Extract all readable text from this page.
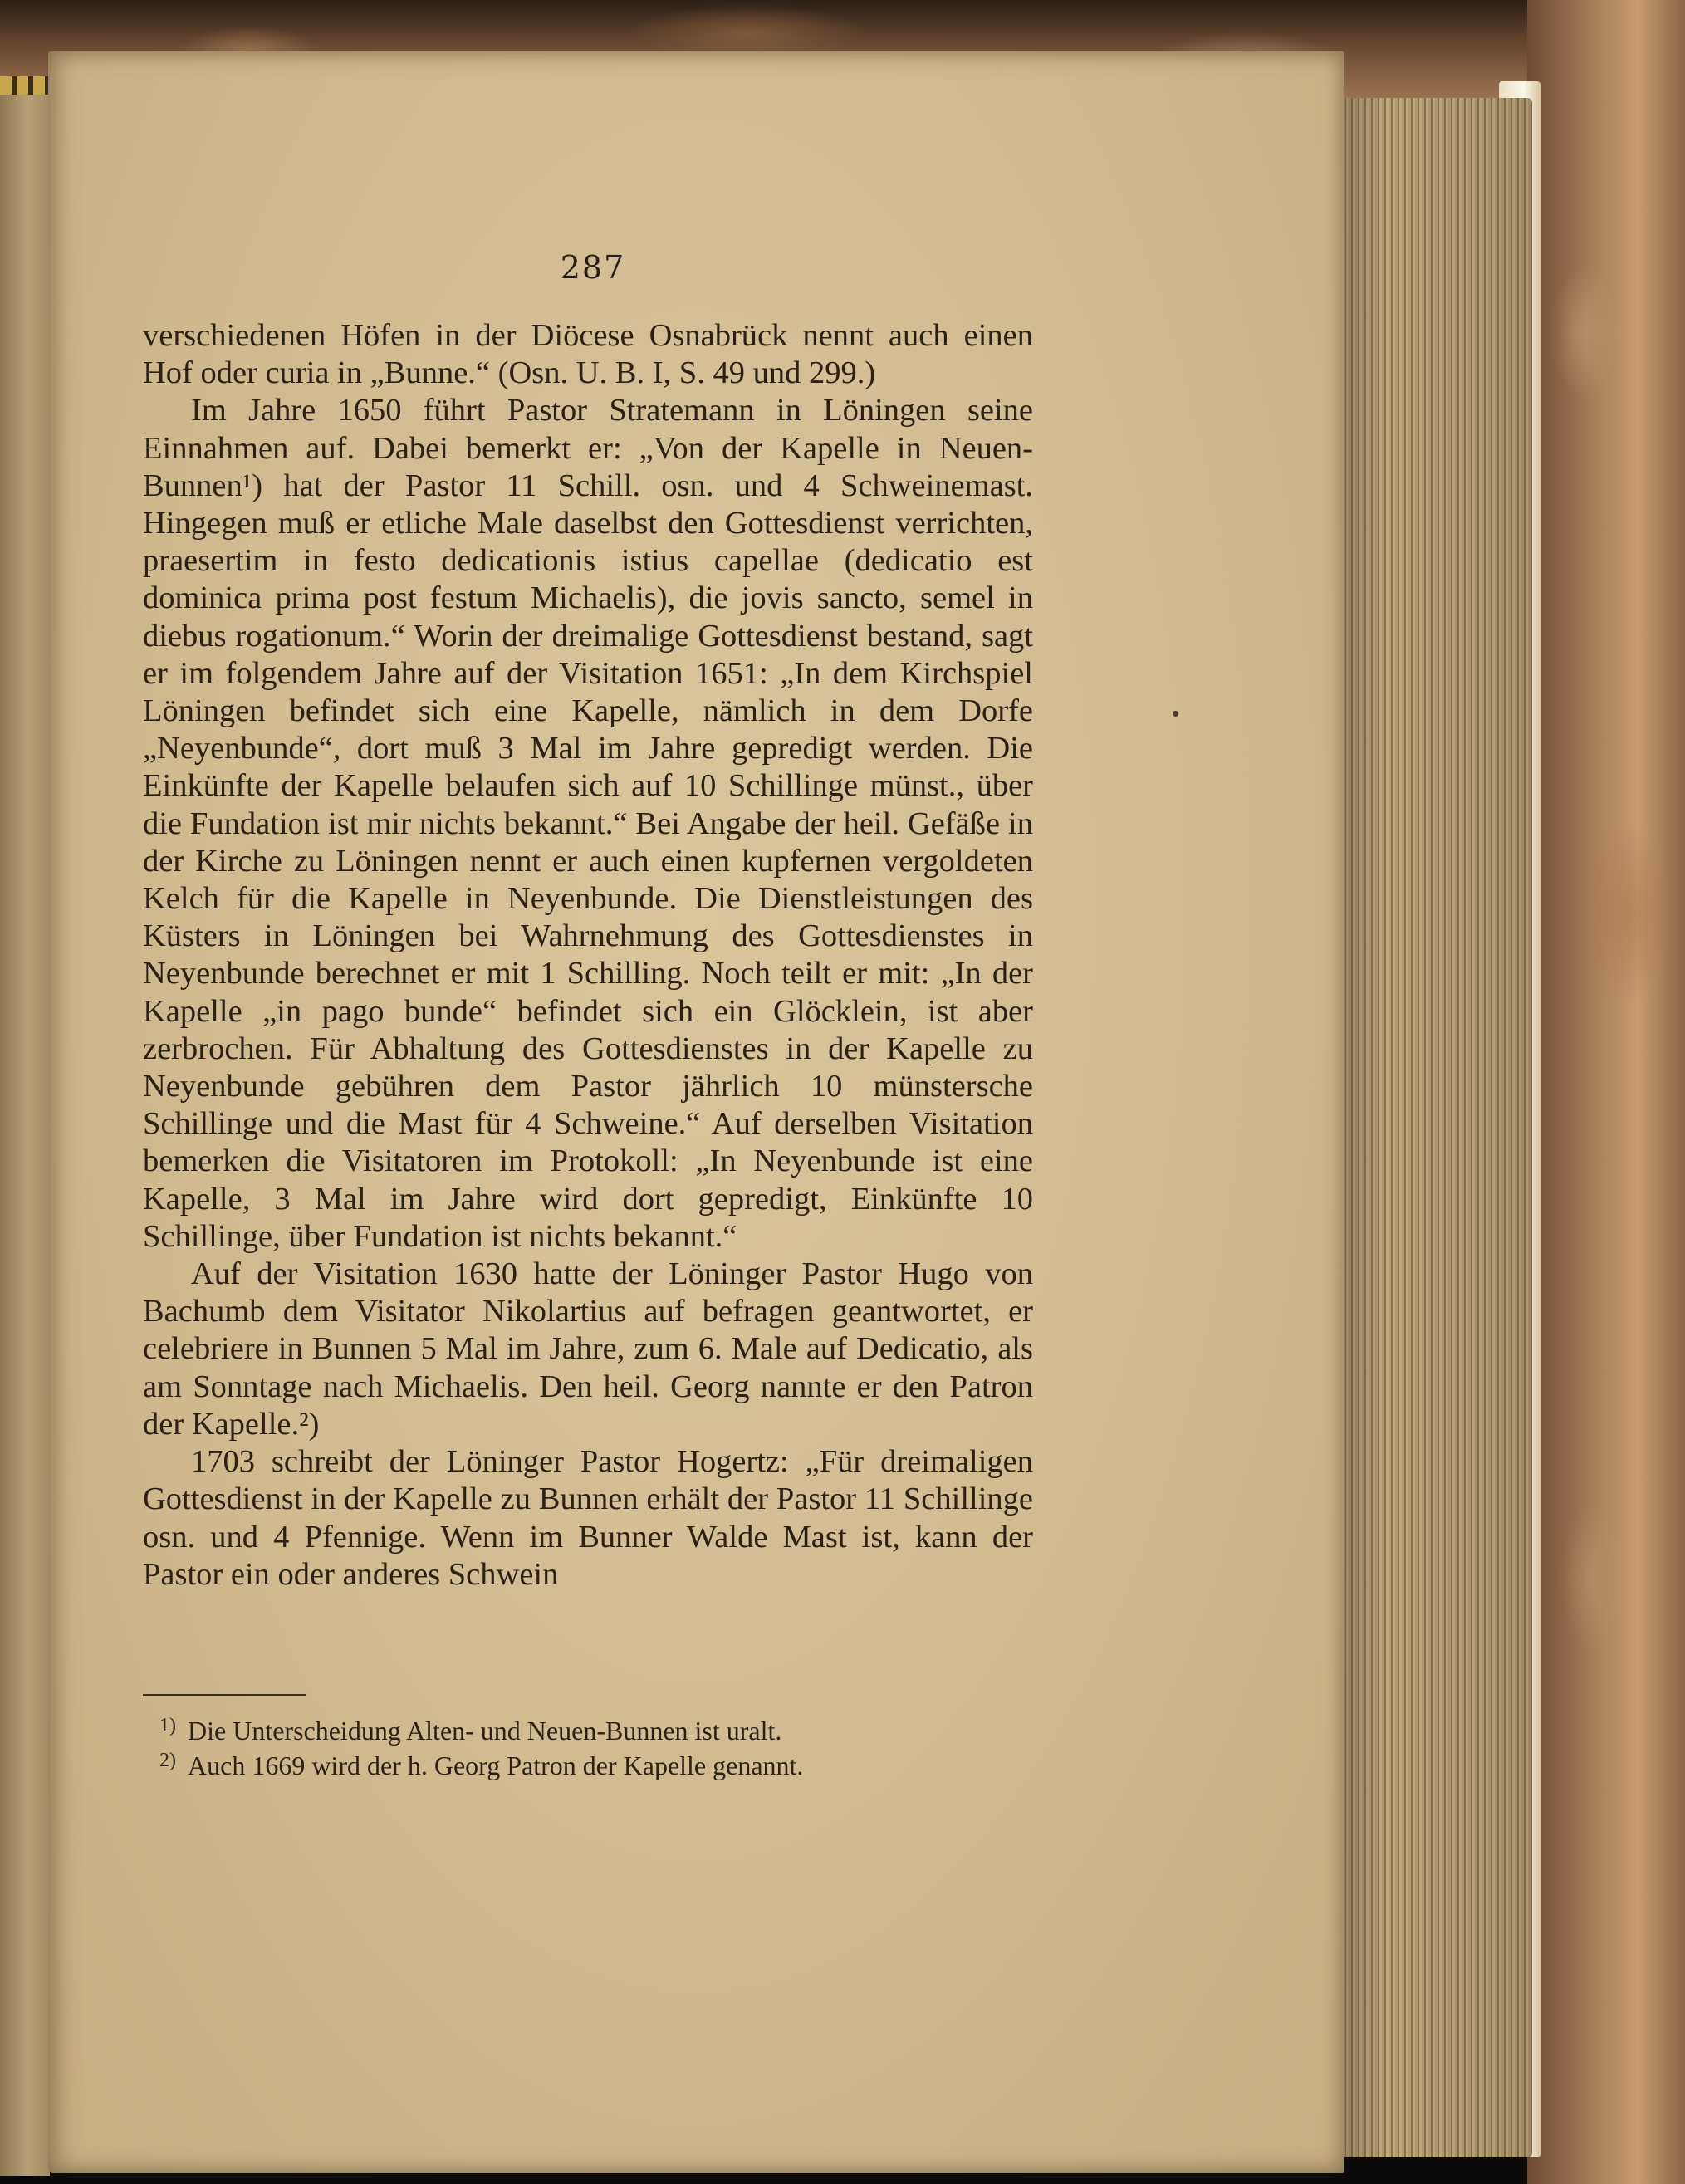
287

verschiedenen Höfen in der Diöcese Osnabrück nennt auch einen Hof oder curia in „Bunne.“ (Osn. U. B. I, S. 49 und 299.)

Im Jahre 1650 führt Pastor Stratemann in Löningen seine Einnahmen auf. Dabei bemerkt er: „Von der Kapelle in Neuen-Bunnen¹) hat der Pastor 11 Schill. osn. und 4 Schweinemast. Hingegen muß er etliche Male daselbst den Gottesdienst verrichten, praesertim in festo dedicationis istius capellae (dedicatio est dominica prima post festum Michaelis), die jovis sancto, semel in diebus rogationum.“ Worin der dreimalige Gottesdienst bestand, sagt er im folgendem Jahre auf der Visitation 1651: „In dem Kirchspiel Löningen befindet sich eine Kapelle, nämlich in dem Dorfe „Neyenbunde“, dort muß 3 Mal im Jahre gepredigt werden. Die Einkünfte der Kapelle belaufen sich auf 10 Schillinge münst., über die Fundation ist mir nichts bekannt.“ Bei Angabe der heil. Gefäße in der Kirche zu Löningen nennt er auch einen kupfernen vergoldeten Kelch für die Kapelle in Neyenbunde. Die Dienstleistungen des Küsters in Löningen bei Wahrnehmung des Gottesdienstes in Neyenbunde berechnet er mit 1 Schilling. Noch teilt er mit: „In der Kapelle „in pago bunde“ befindet sich ein Glöcklein, ist aber zerbrochen. Für Abhaltung des Gottesdienstes in der Kapelle zu Neyenbunde gebühren dem Pastor jährlich 10 münstersche Schillinge und die Mast für 4 Schweine.“ Auf derselben Visitation bemerken die Visitatoren im Protokoll: „In Neyenbunde ist eine Kapelle, 3 Mal im Jahre wird dort gepredigt, Einkünfte 10 Schillinge, über Fundation ist nichts bekannt.“

Auf der Visitation 1630 hatte der Löninger Pastor Hugo von Bachumb dem Visitator Nikolartius auf befragen geantwortet, er celebriere in Bunnen 5 Mal im Jahre, zum 6. Male auf Dedicatio, als am Sonntage nach Michaelis. Den heil. Georg nannte er den Patron der Kapelle.²)

1703 schreibt der Löninger Pastor Hogertz: „Für dreimaligen Gottesdienst in der Kapelle zu Bunnen erhält der Pastor 11 Schillinge osn. und 4 Pfennige. Wenn im Bunner Walde Mast ist, kann der Pastor ein oder anderes Schwein

1) Die Unterscheidung Alten- und Neuen-Bunnen ist uralt.
2) Auch 1669 wird der h. Georg Patron der Kapelle genannt.
